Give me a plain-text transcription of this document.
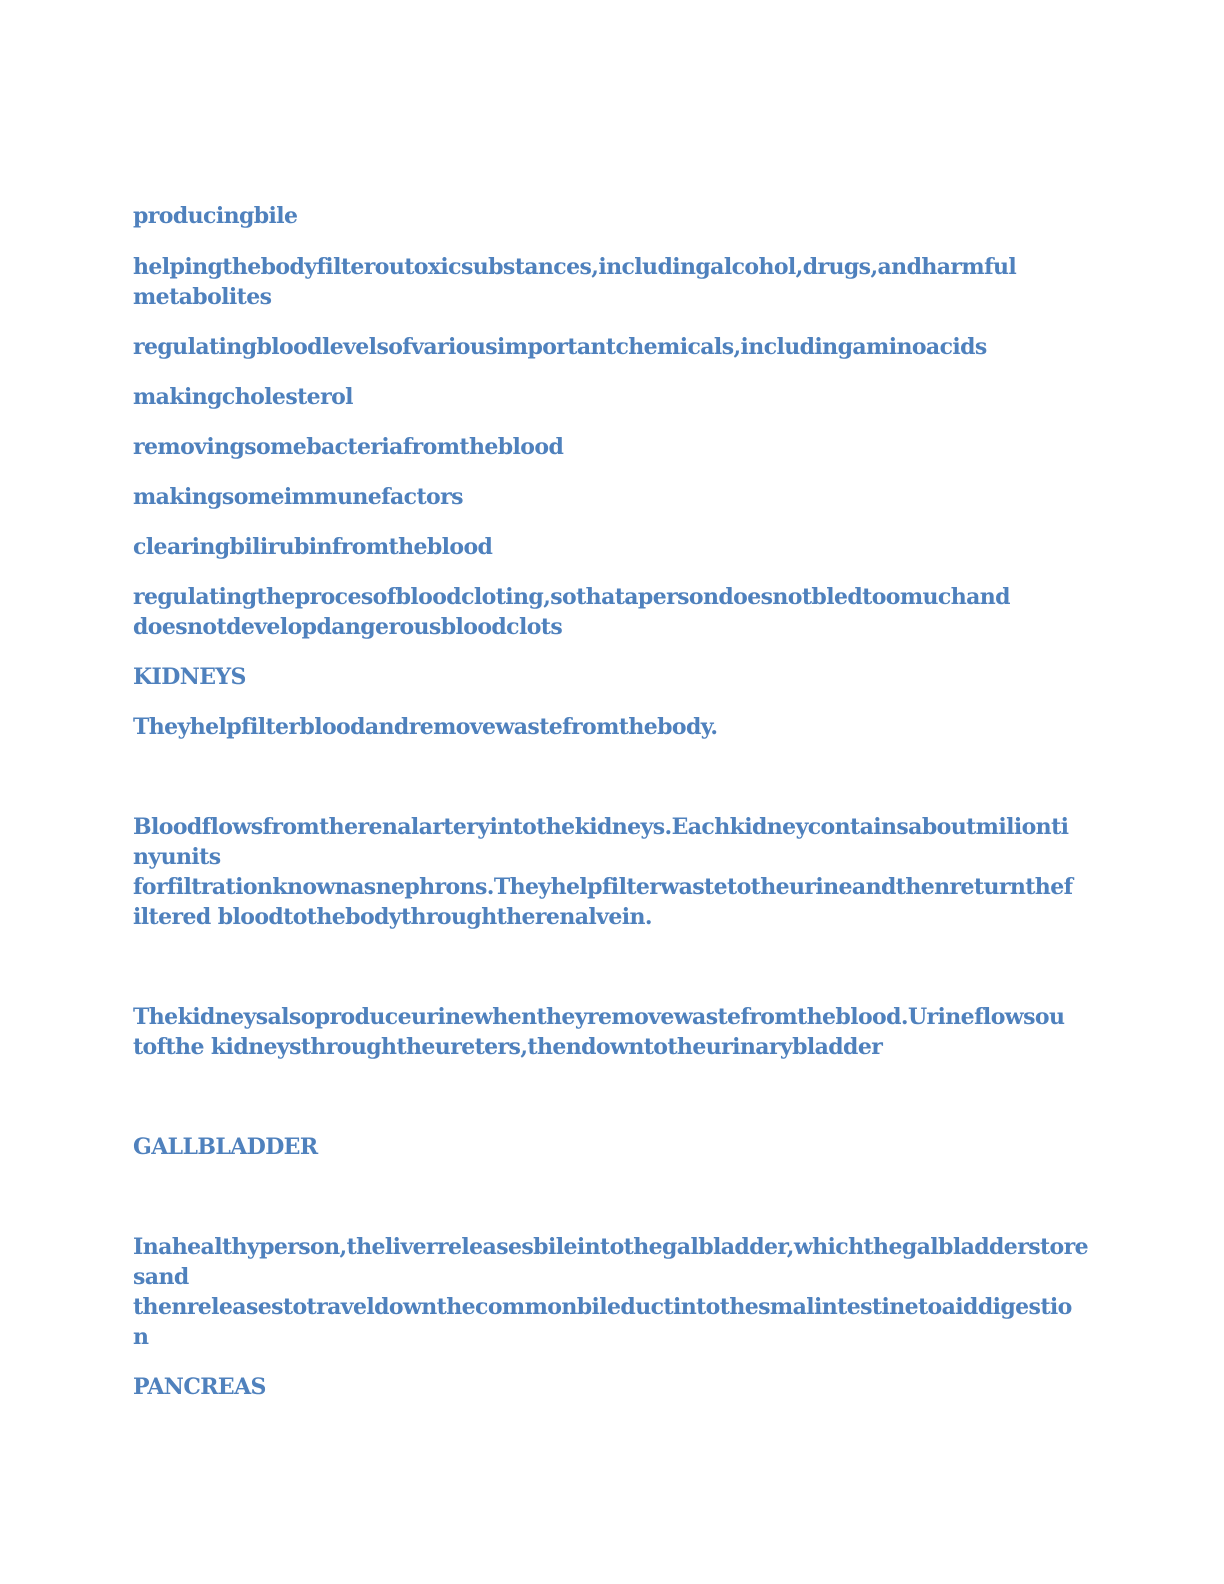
producingbile

helpingthebodyfilteroutoxicsubstances,includingalcohol,drugs,andharmful

metabolites

regulatingbloodlevelsofvariousimportantchemicals,includingaminoacids

makingcholesterol

removingsomebacteriafromtheblood

makingsomeimmunefactors

clearingbilirubinfromtheblood

regulatingtheprocesofbloodcloting,sothatapersondoesnotbledtoomuchand

doesnotdevelopdangerousbloodclots

KIDNEYS

Theyhelpfilterbloodandremovewastefromthebody.

Bloodflowsfromtherenalarteryintothekidneys.Eachkidneycontainsaboutmilionti

nyunits

forfiltrationknownasnephrons.Theyhelpfilterwastetotheurineandthenreturnthef

iltered bloodtothebodythroughtherenalvein.

Thekidneysalsoproduceurinewhentheyremovewastefromtheblood.Urineflowsou

tofthe kidneysthroughtheureters,thendowntotheurinarybladder

GALLBLADDER

Inahealthyperson,theliverreleasesbileintothegalbladder,whichthegalbladderstore

sand

thenreleasestotraveldownthecommonbileductintothesmalintestinetoaiddigestio

n

PANCREAS
